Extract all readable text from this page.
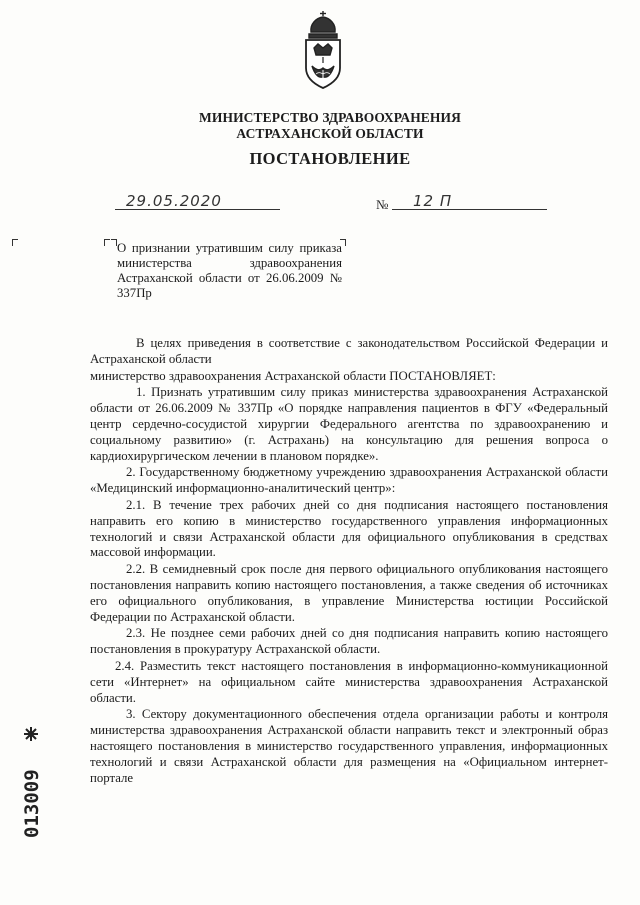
МИНИСТЕРСТВО ЗДРАВООХРАНЕНИЯ
АСТРАХАНСКОЙ ОБЛАСТИ
ПОСТАНОВЛЕНИЕ
29.05.2020	№ 12 П
О признании утратившим силу приказа министерства здравоохранения Астраханской области от 26.06.2009 № 337Пр

В целях приведения в соответствие с законодательством Российской Федерации и Астраханской области

министерство здравоохранения Астраханской области ПОСТАНОВЛЯЕТ:

1. Признать утратившим силу приказ министерства здравоохранения Астраханской области от 26.06.2009 № 337Пр «О порядке направления пациентов в ФГУ «Федеральный центр сердечно-сосудистой хирургии Федерального агентства по здравоохранению и социальному развитию» (г. Астрахань) на консультацию для решения вопроса о кардиохирургическом лечении в плановом порядке».

2. Государственному бюджетному учреждению здравоохранения Астраханской области «Медицинский информационно-аналитический центр»:

2.1. В течение трех рабочих дней со дня подписания настоящего постановления направить его копию в министерство государственного управления информационных технологий и связи Астраханской области для официального опубликования в средствах массовой информации.

2.2. В семидневный срок после дня первого официального опубликования настоящего постановления направить копию настоящего постановления, а также сведения об источниках его официального опубликования, в управление Министерства юстиции Российской Федерации по Астраханской области.

2.3. Не позднее семи рабочих дней со дня подписания направить копию настоящего постановления в прокуратуру Астраханской области.

2.4. Разместить текст настоящего постановления в информационно-коммуникационной сети «Интернет» на официальном сайте министерства здравоохранения Астраханской области.

3. Сектору документационного обеспечения отдела организации работы и контроля министерства здравоохранения Астраханской области направить текст и электронный образ настоящего постановления в министерство государственного управления, информационных технологий и связи Астраханской области для размещения на «Официальном интернет-портале

013009
